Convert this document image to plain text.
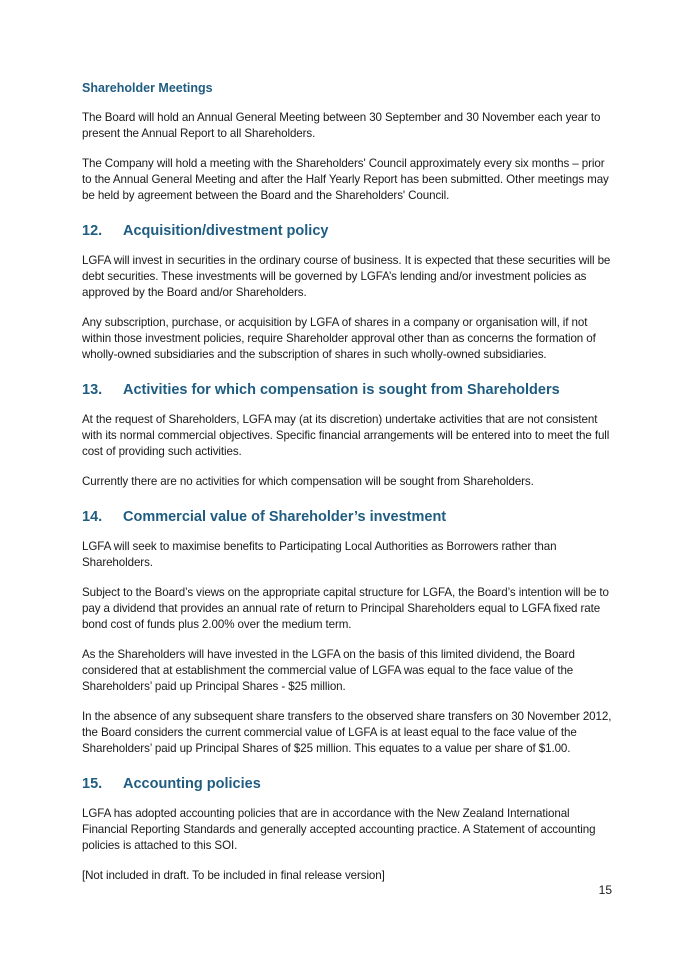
Shareholder Meetings

The Board will hold an Annual General Meeting between 30 September and 30 November each year to present the Annual Report to all Shareholders.

The Company will hold a meeting with the Shareholders' Council approximately every six months – prior to the Annual General Meeting and after the Half Yearly Report has been submitted. Other meetings may be held by agreement between the Board and the Shareholders' Council.

12.	Acquisition/divestment policy

LGFA will invest in securities in the ordinary course of business. It is expected that these securities will be debt securities. These investments will be governed by LGFA’s lending and/or investment policies as approved by the Board and/or Shareholders.

Any subscription, purchase, or acquisition by LGFA of shares in a company or organisation will, if not within those investment policies, require Shareholder approval other than as concerns the formation of wholly-owned subsidiaries and the subscription of shares in such wholly-owned subsidiaries.

13.	Activities for which compensation is sought from Shareholders

At the request of Shareholders, LGFA may (at its discretion) undertake activities that are not consistent with its normal commercial objectives. Specific financial arrangements will be entered into to meet the full cost of providing such activities.

Currently there are no activities for which compensation will be sought from Shareholders.

14.	Commercial value of Shareholder’s investment

LGFA will seek to maximise benefits to Participating Local Authorities as Borrowers rather than Shareholders.

Subject to the Board’s views on the appropriate capital structure for LGFA, the Board’s intention will be to pay a dividend that provides an annual rate of return to Principal Shareholders equal to LGFA fixed rate bond cost of funds plus 2.00% over the medium term.

As the Shareholders will have invested in the LGFA on the basis of this limited dividend, the Board considered that at establishment the commercial value of LGFA was equal to the face value of the Shareholders’ paid up Principal Shares - $25 million.

In the absence of any subsequent share transfers to the observed share transfers on 30 November 2012, the Board considers the current commercial value of LGFA is at least equal to the face value of the Shareholders’ paid up Principal Shares of $25 million. This equates to a value per share of $1.00.

15.	Accounting policies

LGFA has adopted accounting policies that are in accordance with the New Zealand International Financial Reporting Standards and generally accepted accounting practice. A Statement of accounting policies is attached to this SOI.

[Not included in draft. To be included in final release version]

15
